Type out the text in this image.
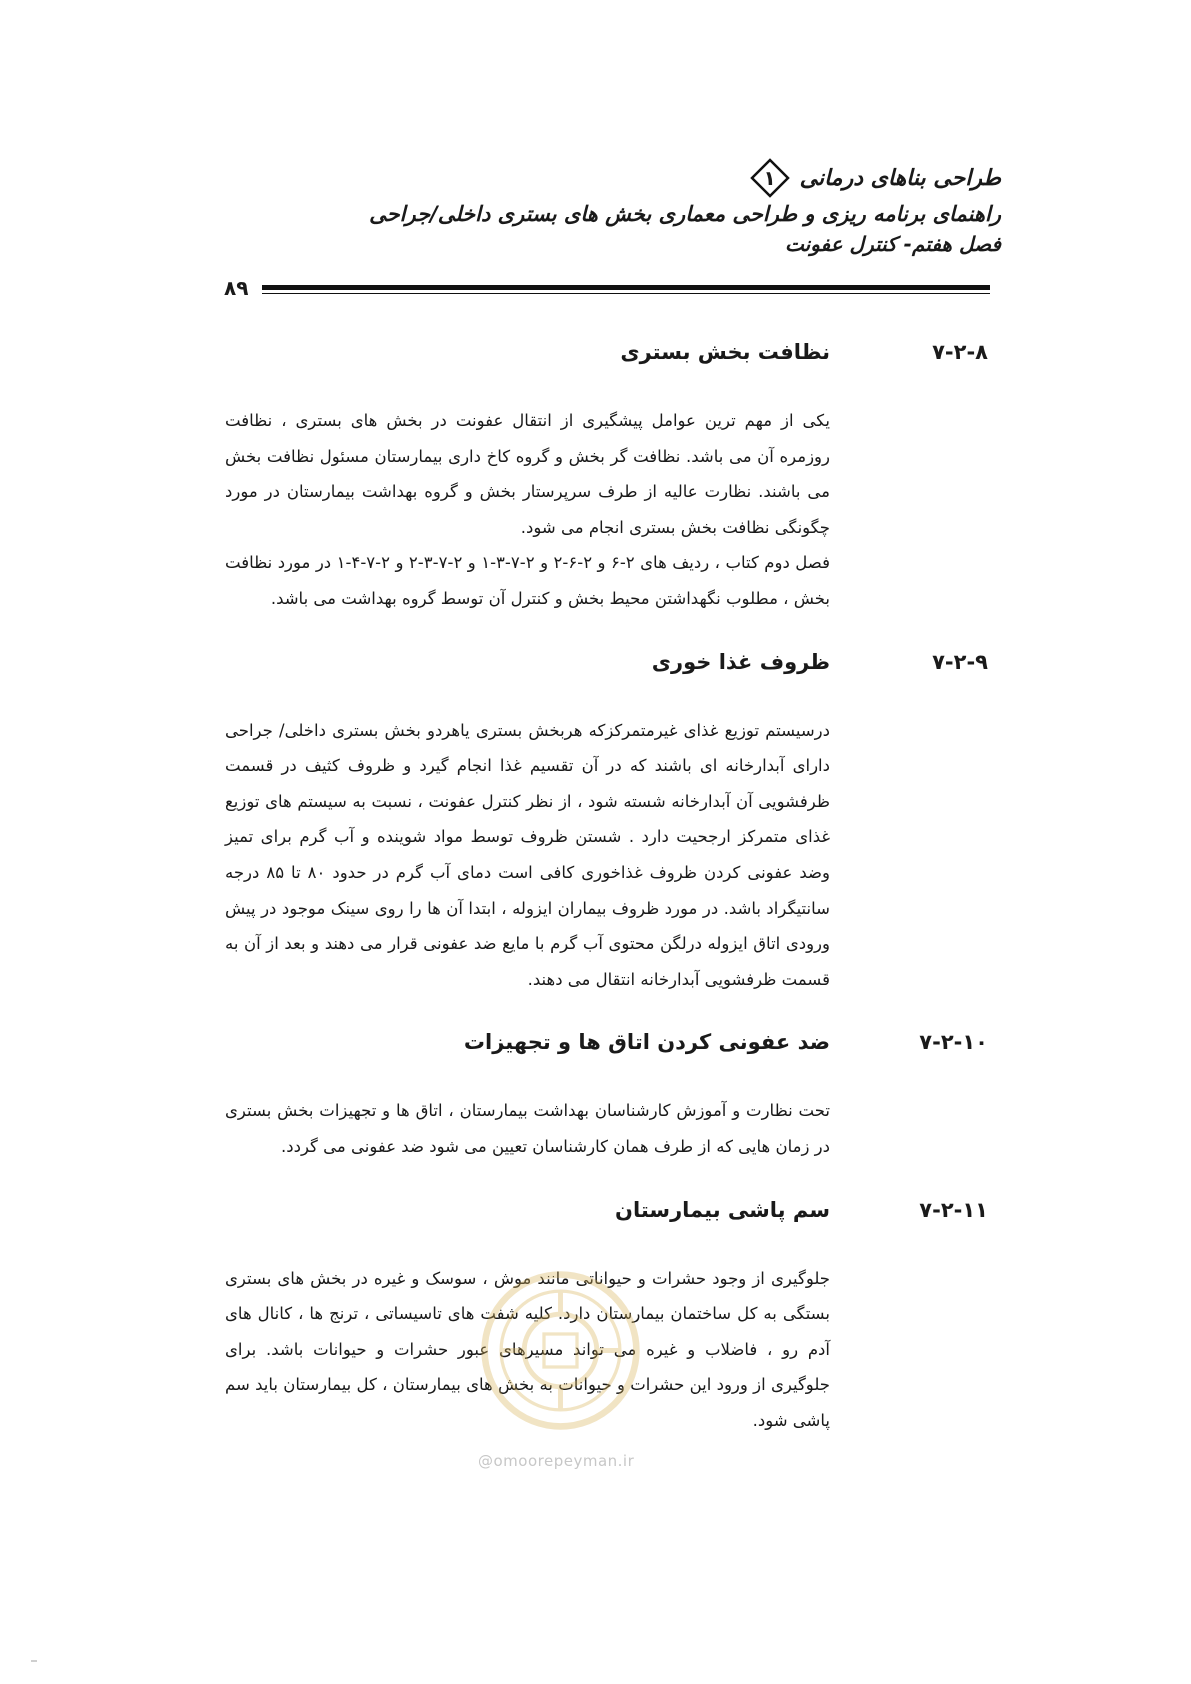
طراحی بناهای درمانی
۱
راهنمای برنامه ریزی و طراحی معماری بخش های بستری داخلی/جراحی
فصل هفتم- کنترل عفونت
۸۹
۷-۲-۸
نظافت بخش بستری

یکی از مهم ترین عوامل پیشگیری از انتقال عفونت در بخش های بستری ، نظافت روزمره آن می باشد. نظافت گر بخش و گروه کاخ داری بیمارستان مسئول نظافت بخش می باشند. نظارت عالیه از طرف سرپرستار بخش و گروه بهداشت بیمارستان در مورد چگونگی نظافت بخش بستری انجام می شود.

فصل دوم کتاب ، ردیف های ۲-۶ و ۲-۶-۲ و ۲-۷-۳-۱ و ۲-۷-۳-۲ و ۲-۷-۴-۱ در مورد نظافت بخش ، مطلوب نگهداشتن محیط بخش و کنترل آن توسط گروه بهداشت می باشد.

۷-۲-۹
ظروف غذا خوری

درسیستم توزیع غذای غیرمتمرکزکه هربخش بستری یاهردو بخش بستری داخلی/ جراحی دارای آبدارخانه ای باشند که در آن تقسیم غذا انجام گیرد و ظروف کثیف در قسمت ظرفشویی آن آبدارخانه شسته شود ، از نظر کنترل عفونت ، نسبت به سیستم های توزیع غذای متمرکز ارجحیت دارد . شستن ظروف توسط مواد شوینده و آب گرم برای تمیز وضد عفونی کردن ظروف غذاخوری کافی است دمای آب گرم در حدود ۸۰ تا ۸۵ درجه سانتیگراد باشد. در مورد ظروف بیماران ایزوله ، ابتدا آن ها را روی سینک موجود در پیش ورودی اتاق ایزوله درلگن محتوی آب گرم با مایع ضد عفونی قرار می دهند و بعد از آن به قسمت ظرفشویی آبدارخانه انتقال می دهند.

۷-۲-۱۰
ضد عفونی کردن اتاق ها و تجهیزات

تحت نظارت و آموزش کارشناسان بهداشت بیمارستان ، اتاق ها و تجهیزات بخش بستری در زمان هایی که از طرف همان کارشناسان تعیین می شود ضد عفونی می گردد.

۷-۲-۱۱
سم پاشی بیمارستان

جلوگیری از وجود حشرات و حیواناتی مانند موش ، سوسک و غیره در بخش های بستری بستگی به کل ساختمان بیمارستان دارد. کلیه شفت های تاسیساتی ، ترنج ها ، کانال های آدم رو ، فاضلاب و غیره می تواند مسیرهای عبور حشرات و حیوانات باشد. برای جلوگیری از ورود این حشرات و حیوانات به بخش های بیمارستان ، کل بیمارستان باید سم پاشی شود.

@omoorepeyman.ir
